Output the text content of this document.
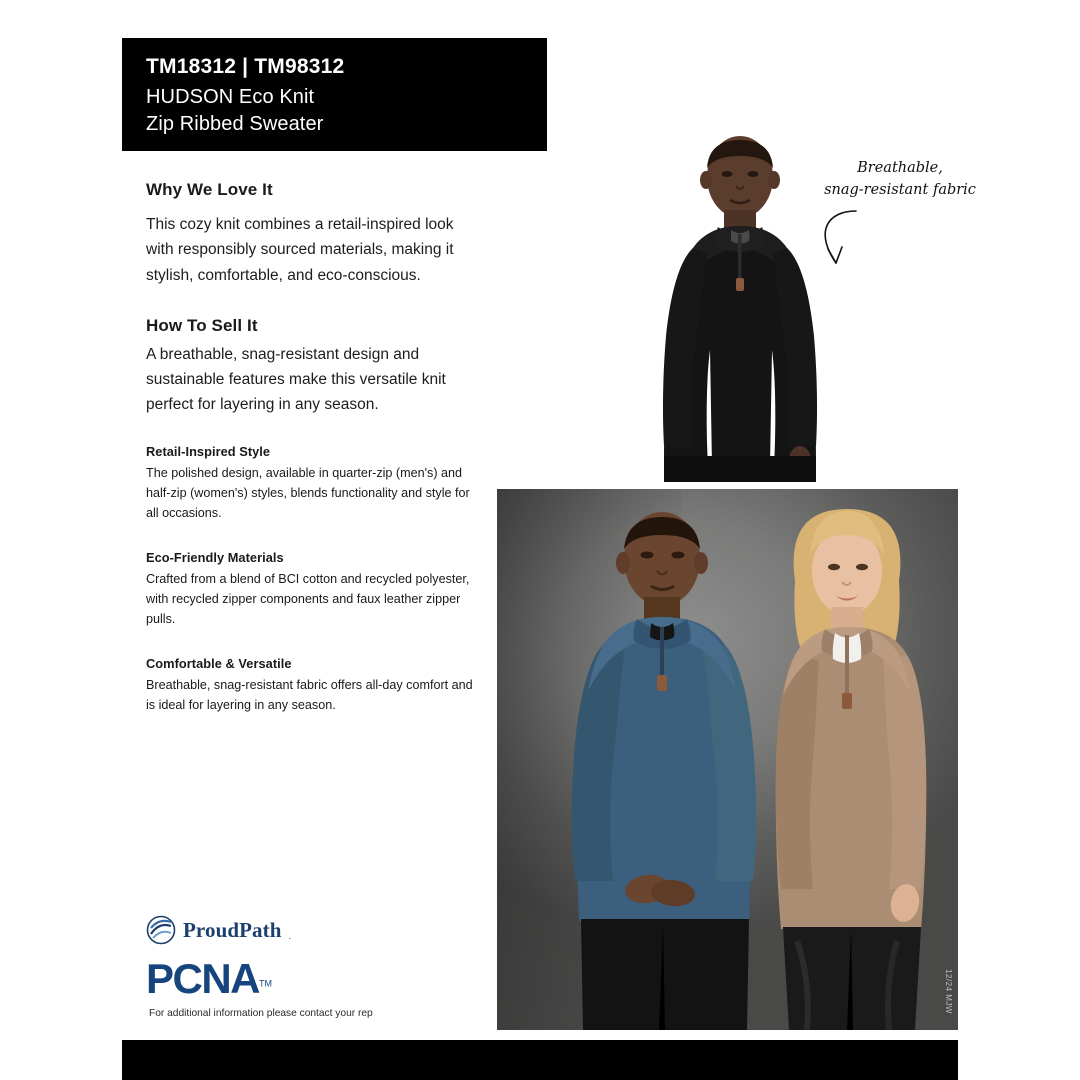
TM18312 | TM98312
HUDSON Eco Knit
Zip Ribbed Sweater
Why We Love It

This cozy knit combines a retail-inspired look with responsibly sourced materials, making it stylish, comfortable, and eco-conscious.

How To Sell It

A breathable, snag-resistant design and sustainable features make this versatile knit perfect for layering in any season.

Retail-Inspired Style

The polished design, available in quarter-zip (men's) and half-zip (women's) styles, blends functionality and style for all occasions.

Eco-Friendly Materials

Crafted from a blend of BCI cotton and recycled polyester, with recycled zipper components and faux leather zipper pulls.

Comfortable & Versatile

Breathable, snag-resistant fabric offers all-day comfort and is ideal for layering in any season.

Breathable,
snag-resistant fabric
12/24 MJW
ProudPath .
PCNA™
For additional information please contact your rep
